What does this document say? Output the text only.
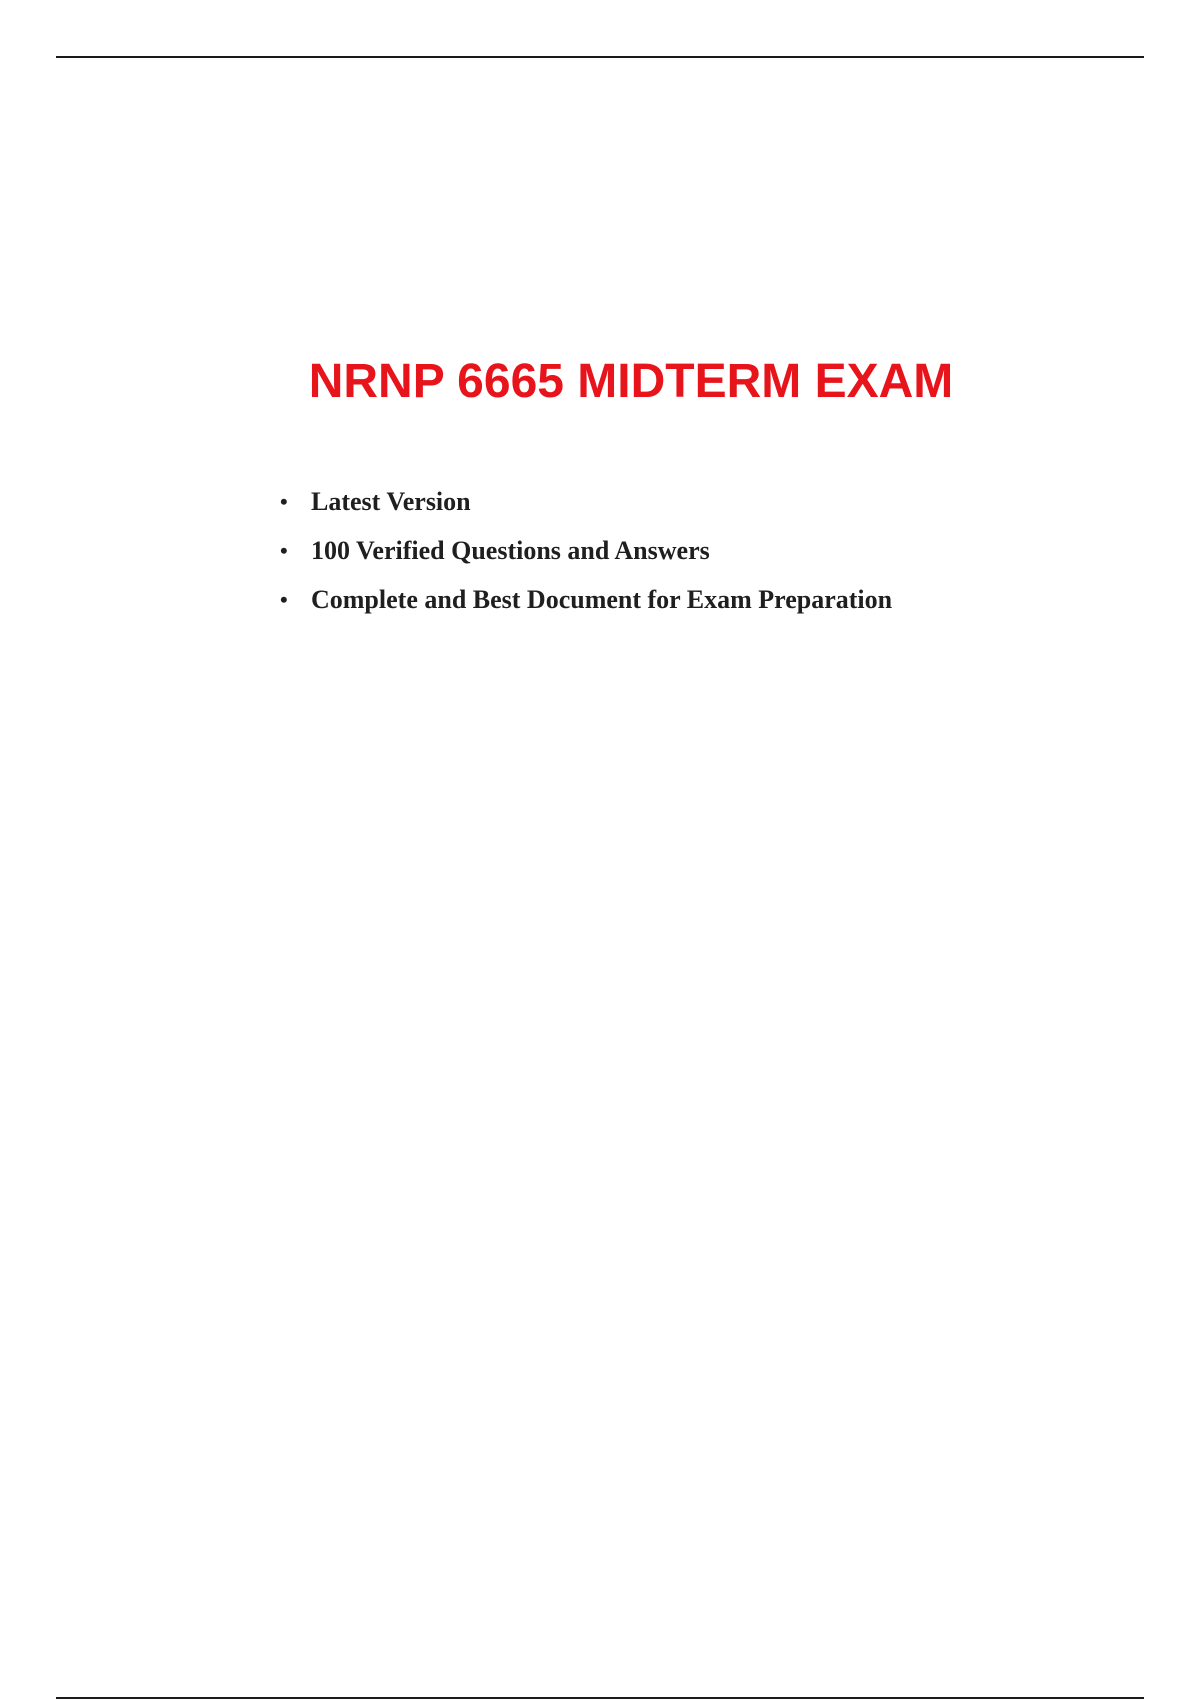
NRNP 6665 MIDTERM EXAM
• Latest Version
• 100 Verified Questions and Answers
• Complete and Best Document for Exam Preparation
